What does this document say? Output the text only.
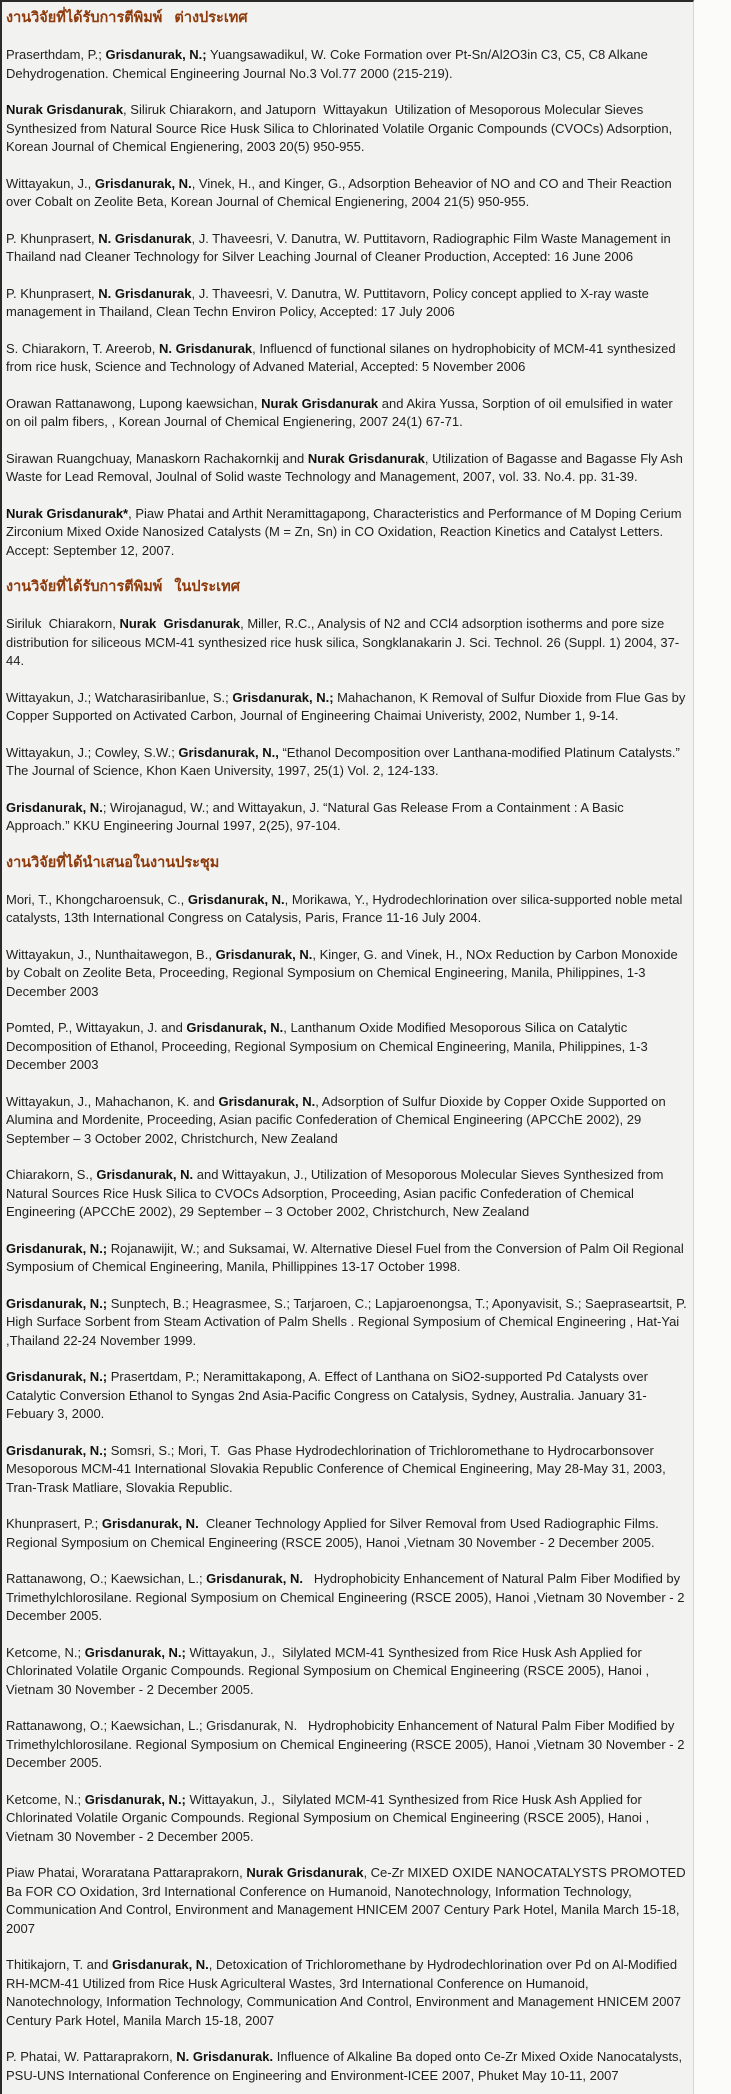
งานวิจัยที่ได้รับการตีพิมพ์   ต่างประเทศ

Praserthdam, P.; Grisdanurak, N.; Yuangsawadikul, W. Coke Formation over Pt-Sn/Al2O3in C3, C5, C8 Alkane Dehydrogenation. Chemical Engineering Journal No.3 Vol.77 2000 (215-219).

Nurak Grisdanurak, Siliruk Chiarakorn, and Jatuporn  Wittayakun  Utilization of Mesoporous Molecular Sieves Synthesized from Natural Source Rice Husk Silica to Chlorinated Volatile Organic Compounds (CVOCs) Adsorption, Korean Journal of Chemical Engienering, 2003 20(5) 950-955.

Wittayakun, J., Grisdanurak, N., Vinek, H., and Kinger, G., Adsorption Beheavior of NO and CO and Their Reaction over Cobalt on Zeolite Beta, Korean Journal of Chemical Engienering, 2004 21(5) 950-955.

P. Khunprasert, N. Grisdanurak, J. Thaveesri, V. Danutra, W. Puttitavorn, Radiographic Film Waste Management in Thailand nad Cleaner Technology for Silver Leaching Journal of Cleaner Production, Accepted: 16 June 2006

P. Khunprasert, N. Grisdanurak, J. Thaveesri, V. Danutra, W. Puttitavorn, Policy concept applied to X-ray waste management in Thailand, Clean Techn Environ Policy, Accepted: 17 July 2006

S. Chiarakorn, T. Areerob, N. Grisdanurak, Influencd of functional silanes on hydrophobicity of MCM-41 synthesized from rice husk, Science and Technology of Advaned Material, Accepted: 5 November 2006

Orawan Rattanawong, Lupong kaewsichan, Nurak Grisdanurak and Akira Yussa, Sorption of oil emulsified in water on oil palm fibers, , Korean Journal of Chemical Engienering, 2007 24(1) 67-71.

Sirawan Ruangchuay, Manaskorn Rachakornkij and Nurak Grisdanurak, Utilization of Bagasse and Bagasse Fly Ash Waste for Lead Removal, Joulnal of Solid waste Technology and Management, 2007, vol. 33. No.4. pp. 31-39.

Nurak Grisdanurak*, Piaw Phatai and Arthit Neramittagapong, Characteristics and Performance of M Doping Cerium Zirconium Mixed Oxide Nanosized Catalysts (M = Zn, Sn) in CO Oxidation, Reaction Kinetics and Catalyst Letters. Accept: September 12, 2007.

งานวิจัยที่ได้รับการตีพิมพ์   ในประเทศ

Siriluk  Chiarakorn, Nurak  Grisdanurak, Miller, R.C., Analysis of N2 and CCl4 adsorption isotherms and pore size distribution for siliceous MCM-41 synthesized rice husk silica, Songklanakarin J. Sci. Technol. 26 (Suppl. 1) 2004, 37-44.

Wittayakun, J.; Watcharasiribanlue, S.; Grisdanurak, N.; Mahachanon, K Removal of Sulfur Dioxide from Flue Gas by Copper Supported on Activated Carbon, Journal of Engineering Chaimai Univeristy, 2002, Number 1, 9-14.

Wittayakun, J.; Cowley, S.W.; Grisdanurak, N., “Ethanol Decomposition over Lanthana-modified Platinum Catalysts.” The Journal of Science, Khon Kaen University, 1997, 25(1) Vol. 2, 124-133.

Grisdanurak, N.; Wirojanagud, W.; and Wittayakun, J. “Natural Gas Release From a Containment : A Basic Approach.” KKU Engineering Journal 1997, 2(25), 97-104.

งานวิจัยที่ได้นำเสนอในงานประชุม

Mori, T., Khongcharoensuk, C., Grisdanurak, N., Morikawa, Y., Hydrodechlorination over silica-supported noble metal catalysts, 13th International Congress on Catalysis, Paris, France 11-16 July 2004.

Wittayakun, J., Nunthaitawegon, B., Grisdanurak, N., Kinger, G. and Vinek, H., NOx Reduction by Carbon Monoxide by Cobalt on Zeolite Beta, Proceeding, Regional Symposium on Chemical Engineering, Manila, Philippines, 1-3 December 2003

Pomted, P., Wittayakun, J. and Grisdanurak, N., Lanthanum Oxide Modified Mesoporous Silica on Catalytic Decomposition of Ethanol, Proceeding, Regional Symposium on Chemical Engineering, Manila, Philippines, 1-3 December 2003

Wittayakun, J., Mahachanon, K. and Grisdanurak, N., Adsorption of Sulfur Dioxide by Copper Oxide Supported on Alumina and Mordenite, Proceeding, Asian pacific Confederation of Chemical Engineering (APCChE 2002), 29 September – 3 October 2002, Christchurch, New Zealand

Chiarakorn, S., Grisdanurak, N. and Wittayakun, J., Utilization of Mesoporous Molecular Sieves Synthesized from Natural Sources Rice Husk Silica to CVOCs Adsorption, Proceeding, Asian pacific Confederation of Chemical Engineering (APCChE 2002), 29 September – 3 October 2002, Christchurch, New Zealand

Grisdanurak, N.; Rojanawijit, W.; and Suksamai, W. Alternative Diesel Fuel from the Conversion of Palm Oil Regional Symposium of Chemical Engineering, Manila, Phillippines 13-17 October 1998.

Grisdanurak, N.; Sunptech, B.; Heagrasmee, S.; Tarjaroen, C.; Lapjaroenongsa, T.; Aponyavisit, S.; Saepraseartsit, P. High Surface Sorbent from Steam Activation of Palm Shells . Regional Symposium of Chemical Engineering , Hat-Yai ,Thailand 22-24 November 1999.

Grisdanurak, N.; Prasertdam, P.; Neramittakapong, A. Effect of Lanthana on SiO2-supported Pd Catalysts over Catalytic Conversion Ethanol to Syngas 2nd Asia-Pacific Congress on Catalysis, Sydney, Australia. January 31-Febuary 3, 2000.

Grisdanurak, N.; Somsri, S.; Mori, T.  Gas Phase Hydrodechlorination of Trichloromethane to Hydrocarbonsover Mesoporous MCM-41 International Slovakia Republic Conference of Chemical Engineering, May 28-May 31, 2003, Tran-Trask Matliare, Slovakia Republic.

Khunprasert, P.; Grisdanurak, N.  Cleaner Technology Applied for Silver Removal from Used Radiographic Films. Regional Symposium on Chemical Engineering (RSCE 2005), Hanoi ,Vietnam 30 November - 2 December 2005.

Rattanawong, O.; Kaewsichan, L.; Grisdanurak, N.   Hydrophobicity Enhancement of Natural Palm Fiber Modified by Trimethylchlorosilane. Regional Symposium on Chemical Engineering (RSCE 2005), Hanoi ,Vietnam 30 November - 2 December 2005.

Ketcome, N.; Grisdanurak, N.; Wittayakun, J.,  Silylated MCM-41 Synthesized from Rice Husk Ash Applied for Chlorinated Volatile Organic Compounds. Regional Symposium on Chemical Engineering (RSCE 2005), Hanoi , Vietnam 30 November - 2 December 2005.

Rattanawong, O.; Kaewsichan, L.; Grisdanurak, N.   Hydrophobicity Enhancement of Natural Palm Fiber Modified by Trimethylchlorosilane. Regional Symposium on Chemical Engineering (RSCE 2005), Hanoi ,Vietnam 30 November - 2 December 2005.

Ketcome, N.; Grisdanurak, N.; Wittayakun, J.,  Silylated MCM-41 Synthesized from Rice Husk Ash Applied for Chlorinated Volatile Organic Compounds. Regional Symposium on Chemical Engineering (RSCE 2005), Hanoi , Vietnam 30 November - 2 December 2005.

Piaw Phatai, Woraratana Pattaraprakorn, Nurak Grisdanurak, Ce-Zr MIXED OXIDE NANOCATALYSTS PROMOTED Ba FOR CO Oxidation, 3rd International Conference on Humanoid, Nanotechnology, Information Technology, Communication And Control, Environment and Management HNICEM 2007 Century Park Hotel, Manila March 15-18, 2007

Thitikajorn, T. and Grisdanurak, N., Detoxication of Trichloromethane by Hydrodechlorination over Pd on Al-Modified RH-MCM-41 Utilized from Rice Husk Agriculteral Wastes, 3rd International Conference on Humanoid, Nanotechnology, Information Technology, Communication And Control, Environment and Management HNICEM 2007 Century Park Hotel, Manila March 15-18, 2007

P. Phatai, W. Pattaraprakorn, N. Grisdanurak. Influence of Alkaline Ba doped onto Ce-Zr Mixed Oxide Nanocatalysts, PSU-UNS International Conference on Engineering and Environment-ICEE 2007, Phuket May 10-11, 2007
